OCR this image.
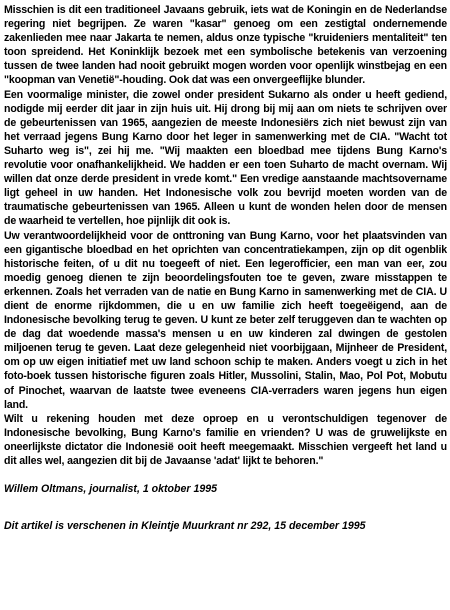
Misschien is dit een traditioneel Javaans gebruik, iets wat de Koningin en de Nederlandse regering niet begrijpen. Ze waren "kasar" genoeg om een zestigtal ondernemende zakenlieden mee naar Jakarta te nemen, aldus onze typische "kruideniers mentaliteit" ten toon spreidend. Het Koninklijk bezoek met een symbolische betekenis van verzoening tussen de twee landen had nooit gebruikt mogen worden voor openlijk winstbejag en een "koopman van Venetië"-houding. Ook dat was een onvergeeflijke blunder.

Een voormalige minister, die zowel onder president Sukarno als onder u heeft gediend, nodigde mij eerder dit jaar in zijn huis uit. Hij drong bij mij aan om niets te schrijven over de gebeurtenissen van 1965, aangezien de meeste Indonesiërs zich niet bewust zijn van het verraad jegens Bung Karno door het leger in samenwerking met de CIA. "Wacht tot Suharto weg is", zei hij me. "Wij maakten een bloedbad mee tijdens Bung Karno's revolutie voor onafhankelijkheid. We hadden er een toen Suharto de macht overnam. Wij willen dat onze derde president in vrede komt." Een vredige aanstaande machtsovername ligt geheel in uw handen. Het Indonesische volk zou bevrijd moeten worden van de traumatische gebeurtenissen van 1965. Alleen u kunt de wonden helen door de mensen de waarheid te vertellen, hoe pijnlijk dit ook is.

Uw verantwoordelijkheid voor de onttroning van Bung Karno, voor het plaatsvinden van een gigantische bloedbad en het oprichten van concentratiekampen, zijn op dit ogenblik historische feiten, of u dit nu toegeeft of niet. Een legerofficier, een man van eer, zou moedig genoeg dienen te zijn beoordelingsfouten toe te geven, zware misstappen te erkennen. Zoals het verraden van de natie en Bung Karno in samenwerking met de CIA. U dient de enorme rijkdommen, die u en uw familie zich heeft toegeëigend, aan de Indonesische bevolking terug te geven. U kunt ze beter zelf teruggeven dan te wachten op de dag dat woedende massa's mensen u en uw kinderen zal dwingen de gestolen miljoenen terug te geven. Laat deze gelegenheid niet voorbijgaan, Mijnheer de President, om op uw eigen initiatief met uw land schoon schip te maken. Anders voegt u zich in het foto-boek tussen historische figuren zoals Hitler, Mussolini, Stalin, Mao, Pol Pot, Mobutu of Pinochet, waarvan de laatste twee eveneens CIA-verraders waren jegens hun eigen land.

Wilt u rekening houden met deze oproep en u verontschuldigen tegenover de Indonesische bevolking, Bung Karno's familie en vrienden? U was de gruwelijkste en oneerlijkste dictator die Indonesië ooit heeft meegemaakt. Misschien vergeeft het land u dit alles wel, aangezien dit bij de Javaanse 'adat' lijkt te behoren."

Willem Oltmans, journalist, 1 oktober 1995

Dit artikel is verschenen in Kleintje Muurkrant nr 292, 15 december 1995
